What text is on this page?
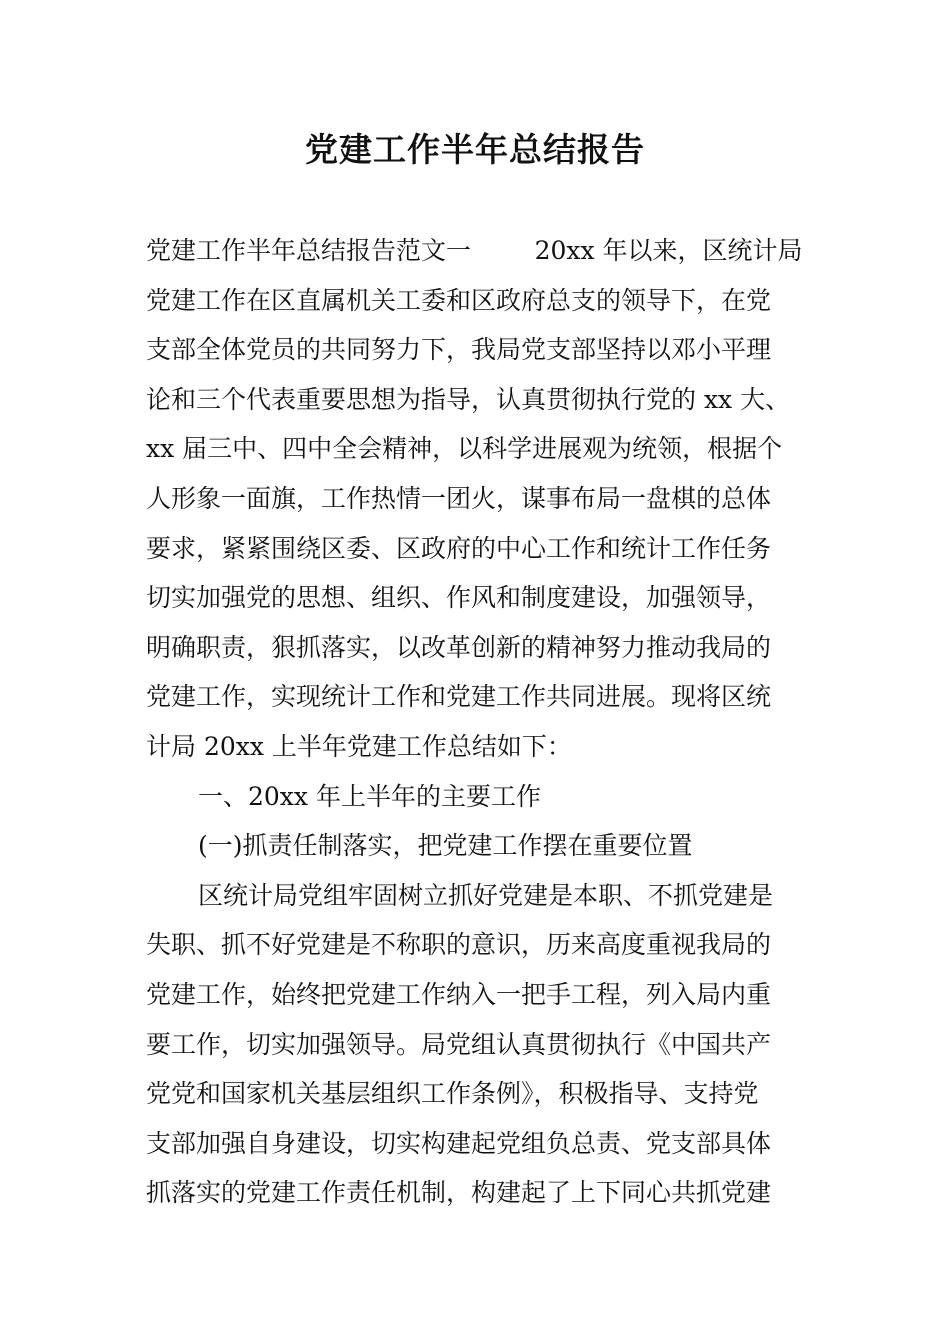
党建工作半年总结报告

党建工作半年总结报告范文一        20xx 年以来，区统计局

党建工作在区直属机关工委和区政府总支的领导下，在党

支部全体党员的共同努力下，我局党支部坚持以邓小平理

论和三个代表重要思想为指导，认真贯彻执行党的 xx 大、

xx 届三中、四中全会精神，以科学进展观为统领，根据个

人形象一面旗，工作热情一团火，谋事布局一盘棋的总体

要求，紧紧围绕区委、区政府的中心工作和统计工作任务

切实加强党的思想、组织、作风和制度建设，加强领导，

明确职责，狠抓落实，以改革创新的精神努力推动我局的

党建工作，实现统计工作和党建工作共同进展。现将区统

计局 20xx 上半年党建工作总结如下：

一、20xx 年上半年的主要工作

(一)抓责任制落实，把党建工作摆在重要位置

区统计局党组牢固树立抓好党建是本职、不抓党建是

失职、抓不好党建是不称职的意识，历来高度重视我局的

党建工作，始终把党建工作纳入一把手工程，列入局内重

要工作，切实加强领导。局党组认真贯彻执行《中国共产

党党和国家机关基层组织工作条例》，积极指导、支持党

支部加强自身建设，切实构建起党组负总责、党支部具体

抓落实的党建工作责任机制，构建起了上下同心共抓党建
